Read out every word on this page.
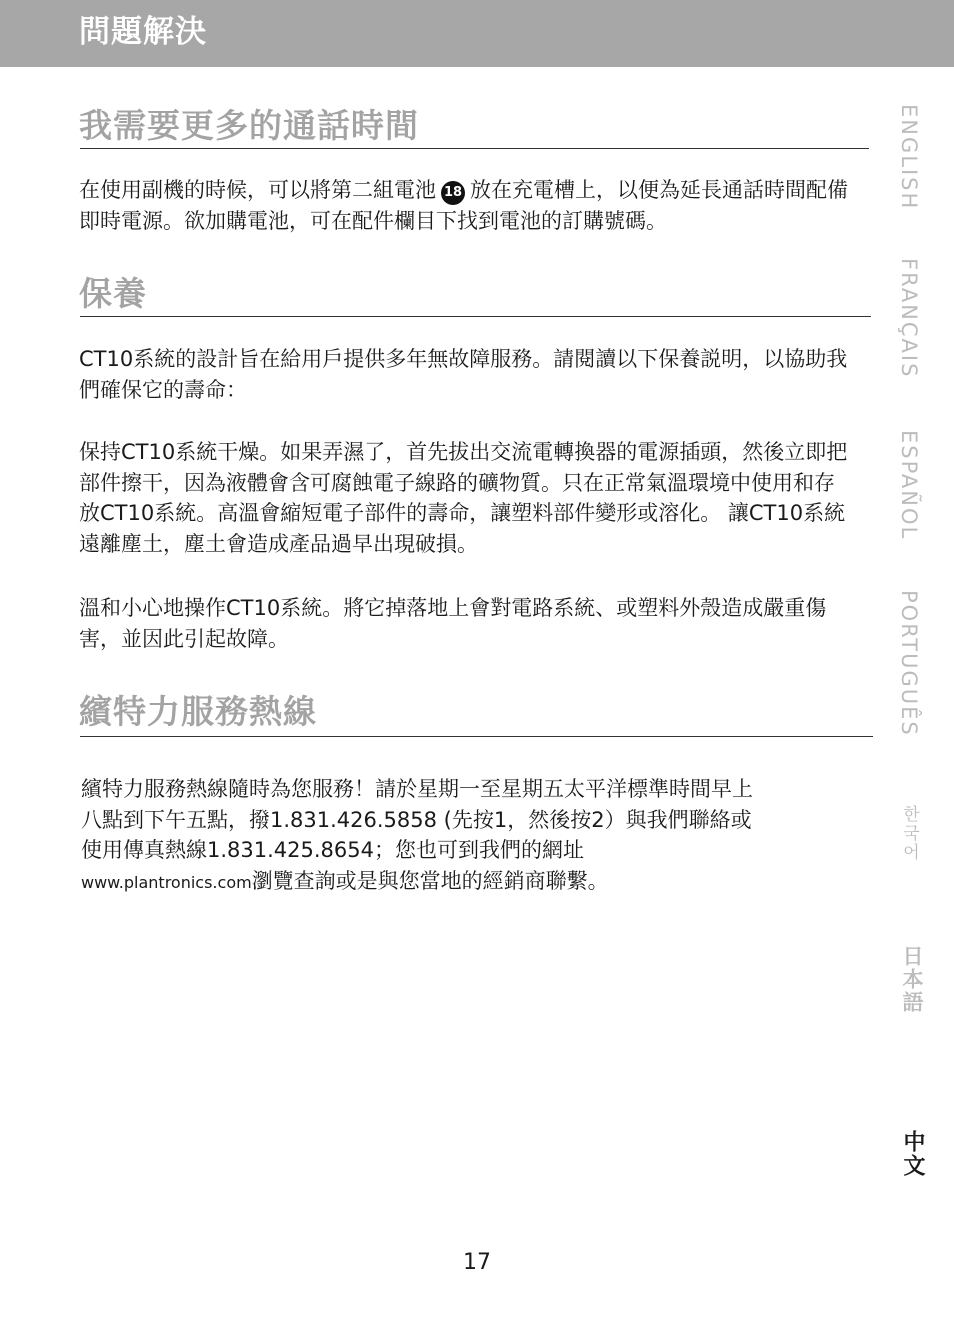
問題解決
我需要更多的通話時間

在使用副機的時候，可以將第二組電池 18 放在充電槽上，以便為延長通話時間配備即時電源。欲加購電池，可在配件欄目下找到電池的訂購號碼。

保養

CT10系統的設計旨在給用戶提供多年無故障服務。請閱讀以下保養説明，以協助我們確保它的壽命：

保持CT10系統干燥。如果弄濕了，首先拔出交流電轉換器的電源插頭，然後立即把部件擦干，因為液體會含可腐蝕電子線路的礦物質。只在正常氣溫環境中使用和存放CT10系統。高溫會縮短電子部件的壽命，讓塑料部件變形或溶化。 讓CT10系統遠離塵土，塵土會造成產品過早出現破損。

溫和小心地操作CT10系統。將它掉落地上會對電路系統、或塑料外殼造成嚴重傷害，並因此引起故障。

繽特力服務熱線

繽特力服務熱線隨時為您服務！請於星期一至星期五太平洋標準時間早上八點到下午五點，撥1.831.426.5858 (先按1，然後按2）與我們聯絡或使用傳真熱線1.831.425.8654；您也可到我們的網址
www.plantronics.com瀏覽查詢或是與您當地的經銷商聯繫。

ENGLISH
FRANÇAIS
ESPAÑOL
PORTUGUÊS
한국어
日本語
中文
17
